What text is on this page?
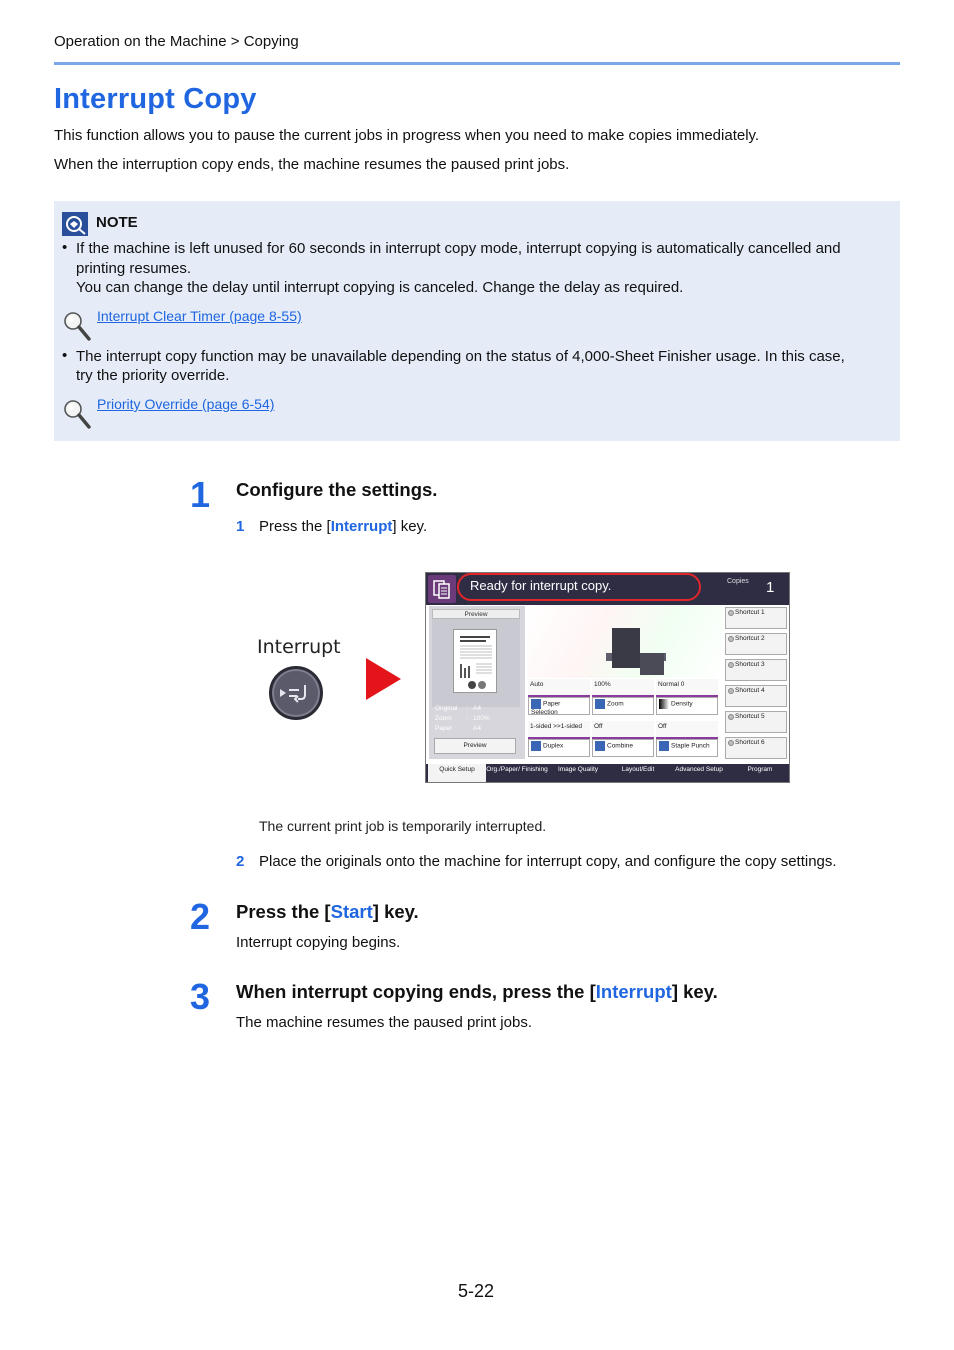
Operation on the Machine > Copying
Interrupt Copy
This function allows you to pause the current jobs in progress when you need to make copies immediately.
When the interruption copy ends, the machine resumes the paused print jobs.
NOTE
• If the machine is left unused for 60 seconds in interrupt copy mode, interrupt copying is automatically cancelled and
printing resumes.
You can change the delay until interrupt copying is canceled. Change the delay as required.
Interrupt Clear Timer (page 8-55)
• The interrupt copy function may be unavailable depending on the status of 4,000-Sheet Finisher usage. In this case,
try the priority override.
Priority Override (page 6-54)
1 Configure the settings.
1 Press the [Interrupt] key.
Interrupt
Ready for interrupt copy.	Copies 1
Preview
Original : A4
Zoom : 100%
Paper : A4
Preview
Auto
Paper Selection
100%
Zoom
Normal 0
Density
1-sided >>1-sided
Duplex
Off
Combine
Off
Staple Punch
Shortcut 1
Shortcut 2
Shortcut 3
Shortcut 4
Shortcut 5
Shortcut 6
Quick Setup	Org./Paper/ Finishing	Image Quality	Layout/Edit	Advanced Setup	Program
The current print job is temporarily interrupted.
2 Place the originals onto the machine for interrupt copy, and configure the copy settings.
2 Press the [Start] key.
Interrupt copying begins.
3 When interrupt copying ends, press the [Interrupt] key.
The machine resumes the paused print jobs.
5-22
